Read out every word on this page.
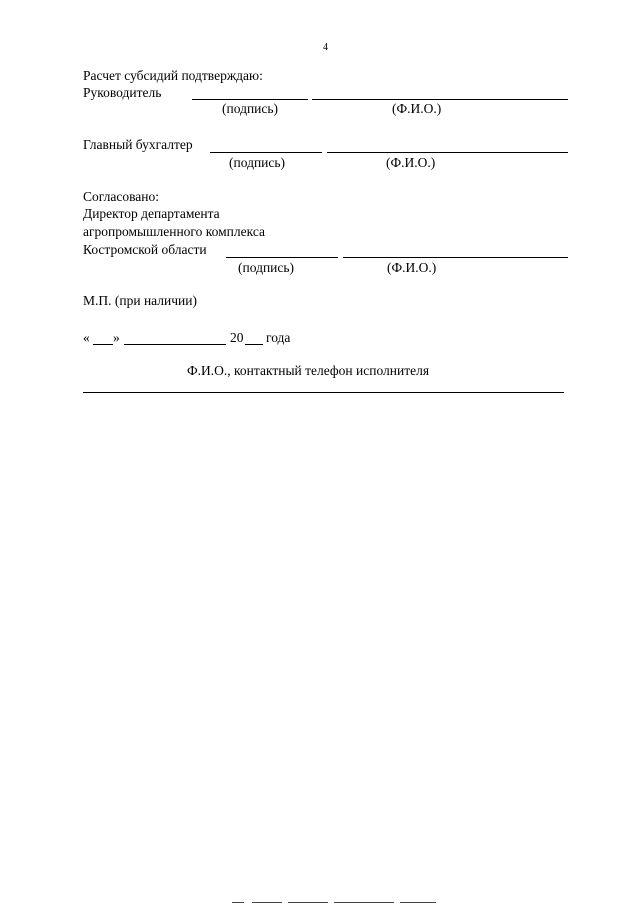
4
Расчет субсидий подтверждаю:
Руководитель
(подпись)	(Ф.И.О.)
Главный бухгалтер
(подпись)	(Ф.И.О.)
Согласовано:
Директор департамента
агропромышленного комплекса
Костромской области
(подпись)	(Ф.И.О.)
М.П. (при наличии)
« »	20 года
Ф.И.О., контактный телефон исполнителя
